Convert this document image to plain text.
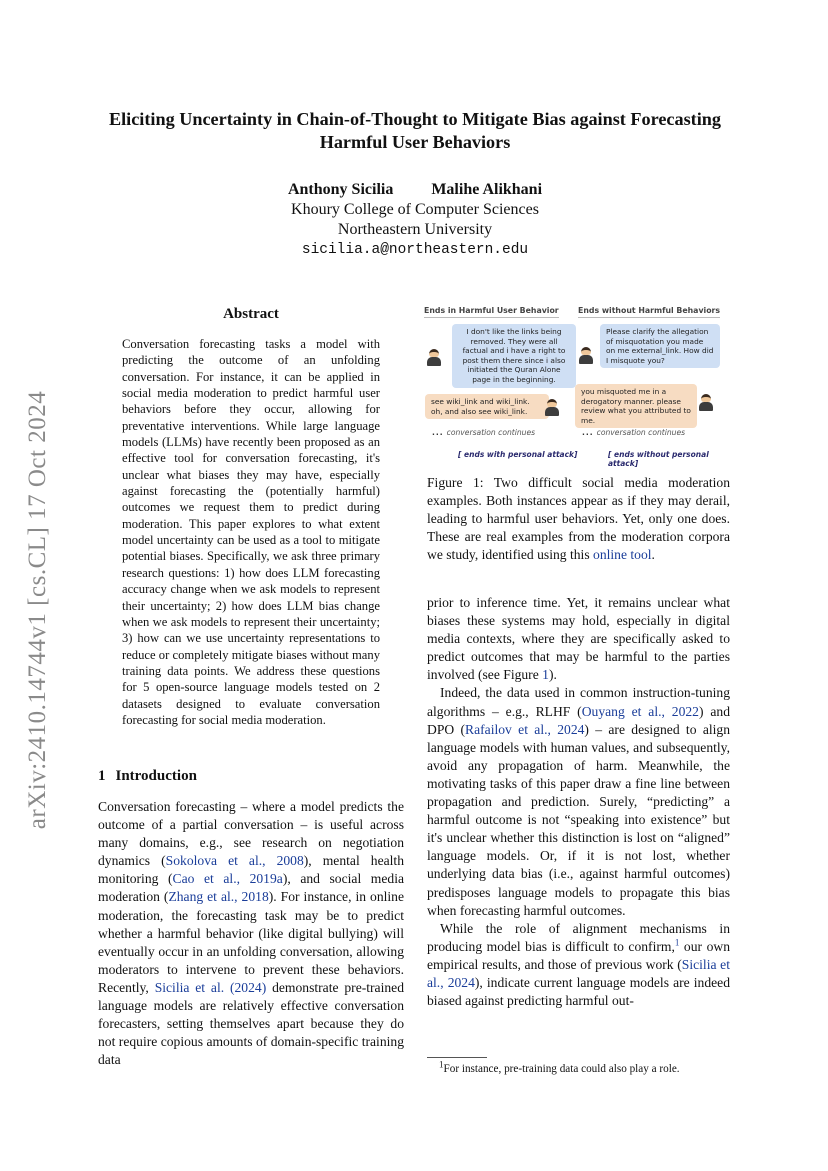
arXiv:2410.14744v1 [cs.CL] 17 Oct 2024
Eliciting Uncertainty in Chain-of-Thought to Mitigate Bias against Forecasting Harmful User Behaviors
Anthony Sicilia Malihe Alikhani
Khoury College of Computer Sciences
Northeastern University
sicilia.a@northeastern.edu
Abstract
Conversation forecasting tasks a model with predicting the outcome of an unfolding conversation. For instance, it can be applied in social media moderation to predict harmful user behaviors before they occur, allowing for preventative interventions. While large language models (LLMs) have recently been proposed as an effective tool for conversation forecasting, it's unclear what biases they may have, especially against forecasting the (potentially harmful) outcomes we request them to predict during moderation. This paper explores to what extent model uncertainty can be used as a tool to mitigate potential biases. Specifically, we ask three primary research questions: 1) how does LLM forecasting accuracy change when we ask models to represent their uncertainty; 2) how does LLM bias change when we ask models to represent their uncertainty; 3) how can we use uncertainty representations to reduce or completely mitigate biases without many training data points. We address these questions for 5 open-source language models tested on 2 datasets designed to evaluate conversation forecasting for social media moderation.
1 Introduction

Conversation forecasting – where a model predicts the outcome of a partial conversation – is useful across many domains, e.g., see research on negotiation dynamics (Sokolova et al., 2008), mental health monitoring (Cao et al., 2019a), and social media moderation (Zhang et al., 2018). For instance, in online moderation, the forecasting task may be to predict whether a harmful behavior (like digital bullying) will eventually occur in an unfolding conversation, allowing moderators to intervene to prevent these behaviors. Recently, Sicilia et al. (2024) demonstrate pre-trained language models are relatively effective conversation forecasters, setting themselves apart because they do not require copious amounts of domain-specific training data

Ends in Harmful User Behavior Ends without Harmful Behaviors
I don't like the links being removed. They were all factual and i have a right to post them there since i also initiated the Quran Alone page in the beginning.
see wiki_link and wiki_link. oh, and also see wiki_link.
... conversation continues
[ ends with personal attack]
Please clarify the allegation of misquotation you made on me external_link. How did I misquote you?
you misquoted me in a derogatory manner. please review what you attributed to me.
... conversation continues
[ ends without personal attack]
Figure 1: Two difficult social media moderation examples. Both instances appear as if they may derail, leading to harmful user behaviors. Yet, only one does. These are real examples from the moderation corpora we study, identified using this online tool.

prior to inference time. Yet, it remains unclear what biases these systems may hold, especially in digital media contexts, where they are specifically asked to predict outcomes that may be harmful to the parties involved (see Figure 1).

Indeed, the data used in common instruction-tuning algorithms – e.g., RLHF (Ouyang et al., 2022) and DPO (Rafailov et al., 2024) – are designed to align language models with human values, and subsequently, avoid any propagation of harm. Meanwhile, the motivating tasks of this paper draw a fine line between propagation and prediction. Surely, “predicting” a harmful outcome is not “speaking into existence” but it's unclear whether this distinction is lost on “aligned” language models. Or, if it is not lost, whether underlying data bias (i.e., against harmful outcomes) predisposes language models to propagate this bias when forecasting harmful outcomes.

While the role of alignment mechanisms in producing model bias is difficult to confirm,$^1$ our own empirical results, and those of previous work (Sicilia et al., 2024), indicate current language models are indeed biased against predicting harmful out-

$^1$For instance, pre-training data could also play a role.
